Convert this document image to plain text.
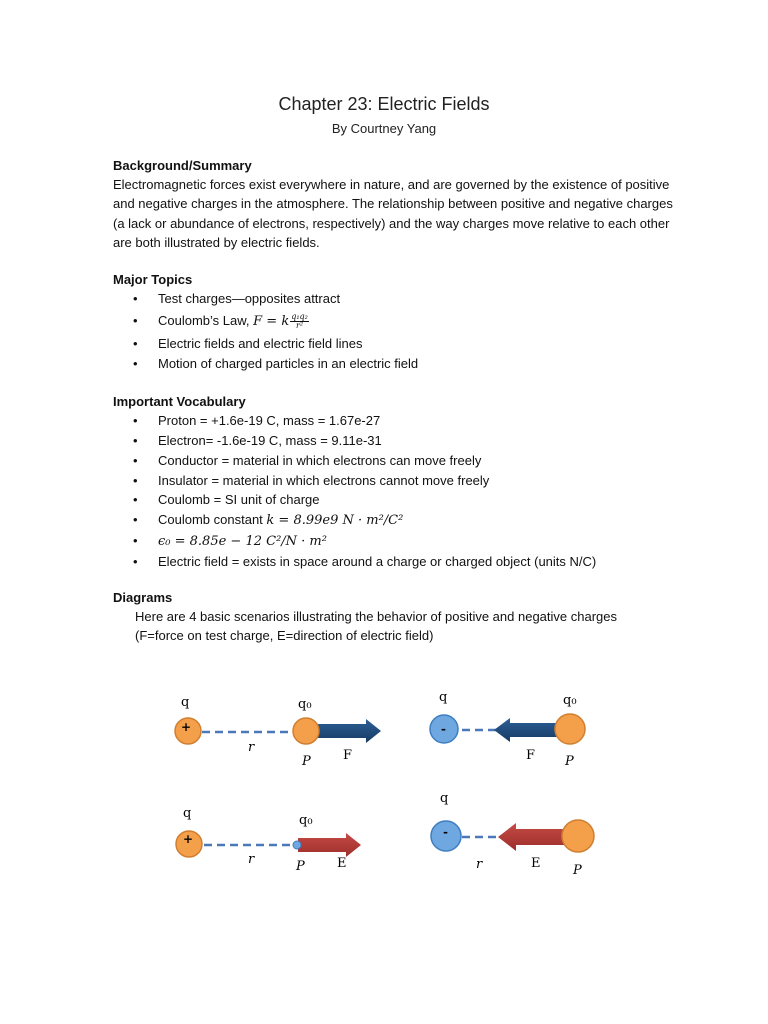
Chapter 23: Electric Fields
By Courtney Yang
Background/Summary

Electromagnetic forces exist everywhere in nature, and are governed by the existence of positive and negative charges in the atmosphere. The relationship between positive and negative charges (a lack or abundance of electrons, respectively) and the way charges move relative to each other are both illustrated by electric fields.

Major Topics
• Test charges—opposites attract
• Coulomb’s Law, F = k $\frac{\text{q₁q₂}}{\text{r²}}$
• Electric fields and electric field lines
• Motion of charged particles in an electric field
Important Vocabulary
• Proton = +1.6e-19 C, mass = 1.67e-27
• Electron= -1.6e-19 C, mass = 9.11e-31
• Conductor = material in which electrons can move freely
• Insulator = material in which electrons cannot move freely
• Coulomb = SI unit of charge
• Coulomb constant k = 8.99e9 N · m²/C²
• ϵ₀ = 8.85e − 12 C²/N · m²
• Electric field = exists in space around a charge or charged object (units N/C)
Diagrams
Here are 4 basic scenarios illustrating the behavior of positive and negative charges
(F=force on test charge, E=direction of electric field)
q	q₀
+
r
P F
q	q₀
-
F P
q	q₀
+
r	P E
q
-
r	E	P
